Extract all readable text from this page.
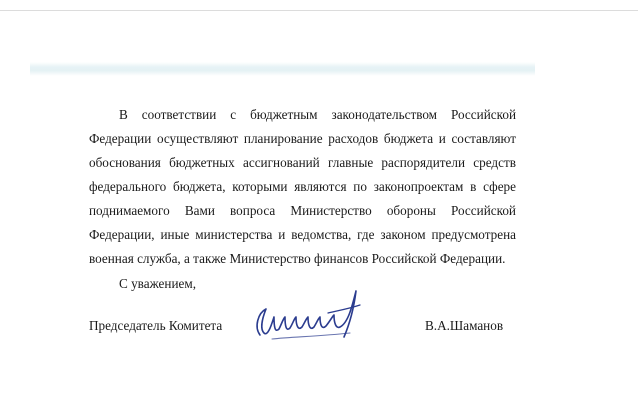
В соответствии с бюджетным законодательством Российской Федерации осуществляют планирование расходов бюджета и составляют обоснования бюджетных ассигнований главные распорядители средств федерального бюджета, которыми являются по законопроектам в сфере поднимаемого Вами вопроса Министерство обороны Российской Федерации, иные министерства и ведомства, где законом предусмотрена военная служба, а также Министерство финансов Российской Федерации.

С уважением,

Председатель Комитета	В.А.Шаманов
